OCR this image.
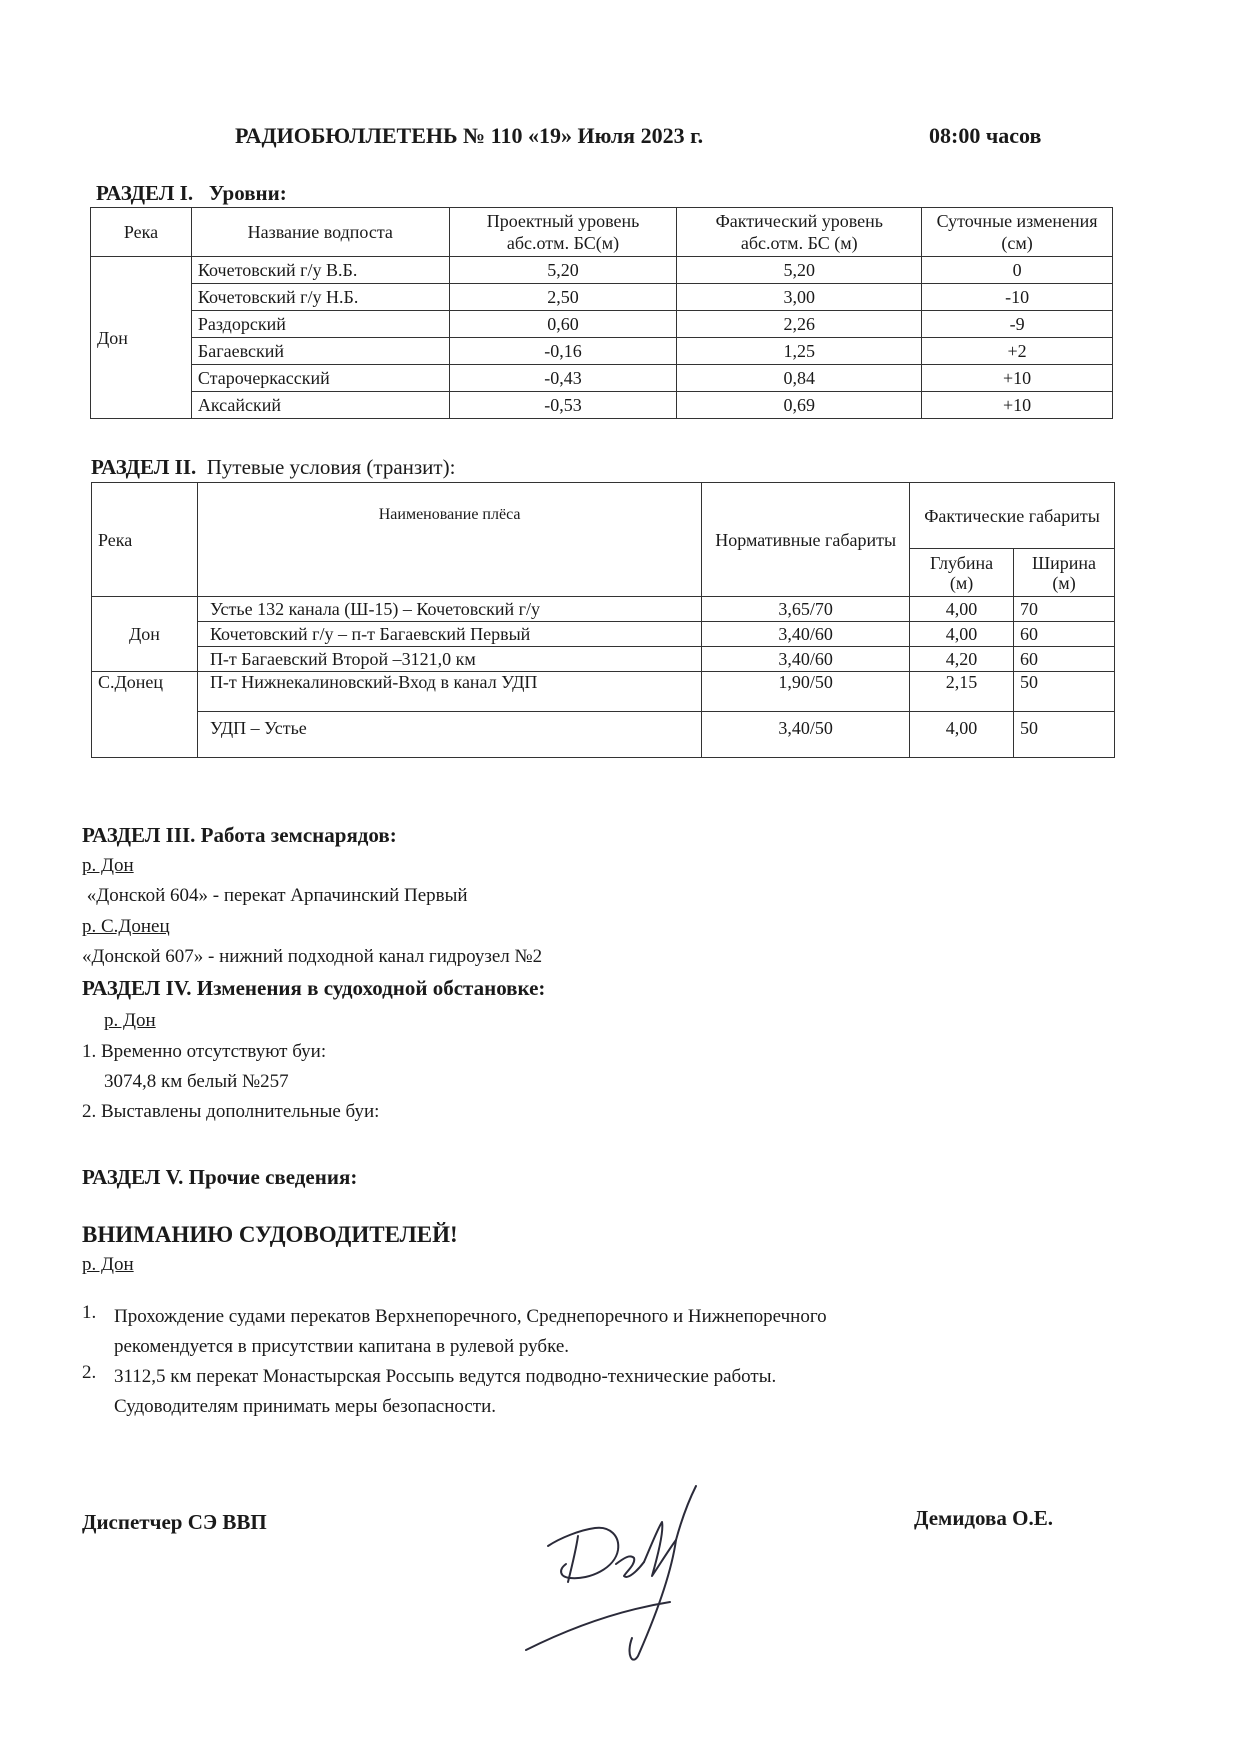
РАДИОБЮЛЛЕТЕНЬ № 110 «19» Июля 2023 г.	08:00 часов
РАЗДЕЛ I. Уровни:
Река	Название водпоста	Проектный уровень абс.отм. БС(м)	Фактический уровень абс.отм. БС (м)	Суточные изменения (см)
Дон	Кочетовский г/у В.Б.	5,20	5,20	0
	Кочетовский г/у Н.Б.	2,50	3,00	-10
	Раздорский	0,60	2,26	-9
	Багаевский	-0,16	1,25	+2
	Старочеркасский	-0,43	0,84	+10
	Аксайский	-0,53	0,69	+10
РАЗДЕЛ II. Путевые условия (транзит):
Река	Наименование плёса	Нормативные габариты	Фактические габариты	
			Глубина (м)	Ширина (м)
Дон	Устье 132 канала (Ш-15) – Кочетовский г/у	3,65/70	4,00	70
	Кочетовский г/у – п-т Багаевский Первый	3,40/60	4,00	60
	П-т Багаевский Второй –3121,0 км	3,40/60	4,20	60
С.Донец	П-т Нижнекалиновский-Вход в канал УДП	1,90/50	2,15	50
	УДП – Устье	3,40/50	4,00	50
РАЗДЕЛ III. Работа земснарядов:
р. Дон
«Донской 604» - перекат Арпачинский Первый
р. С.Донец
«Донской 607» - нижний подходной канал гидроузел №2
РАЗДЕЛ IV. Изменения в судоходной обстановке:
р. Дон
1. Временно отсутствуют буи:
3074,8 км белый №257
2. Выставлены дополнительные буи:
РАЗДЕЛ V. Прочие сведения:
ВНИМАНИЮ СУДОВОДИТЕЛЕЙ!
р. Дон
1. Прохождение судами перекатов Верхнепоречного, Среднепоречного и Нижнепоречного
рекомендуется в присутствии капитана в рулевой рубке.
2. 3112,5 км перекат Монастырская Россыпь ведутся подводно-технические работы.
Судоводителям принимать меры безопасности.
Диспетчер СЭ ВВП	Демидова О.Е.
